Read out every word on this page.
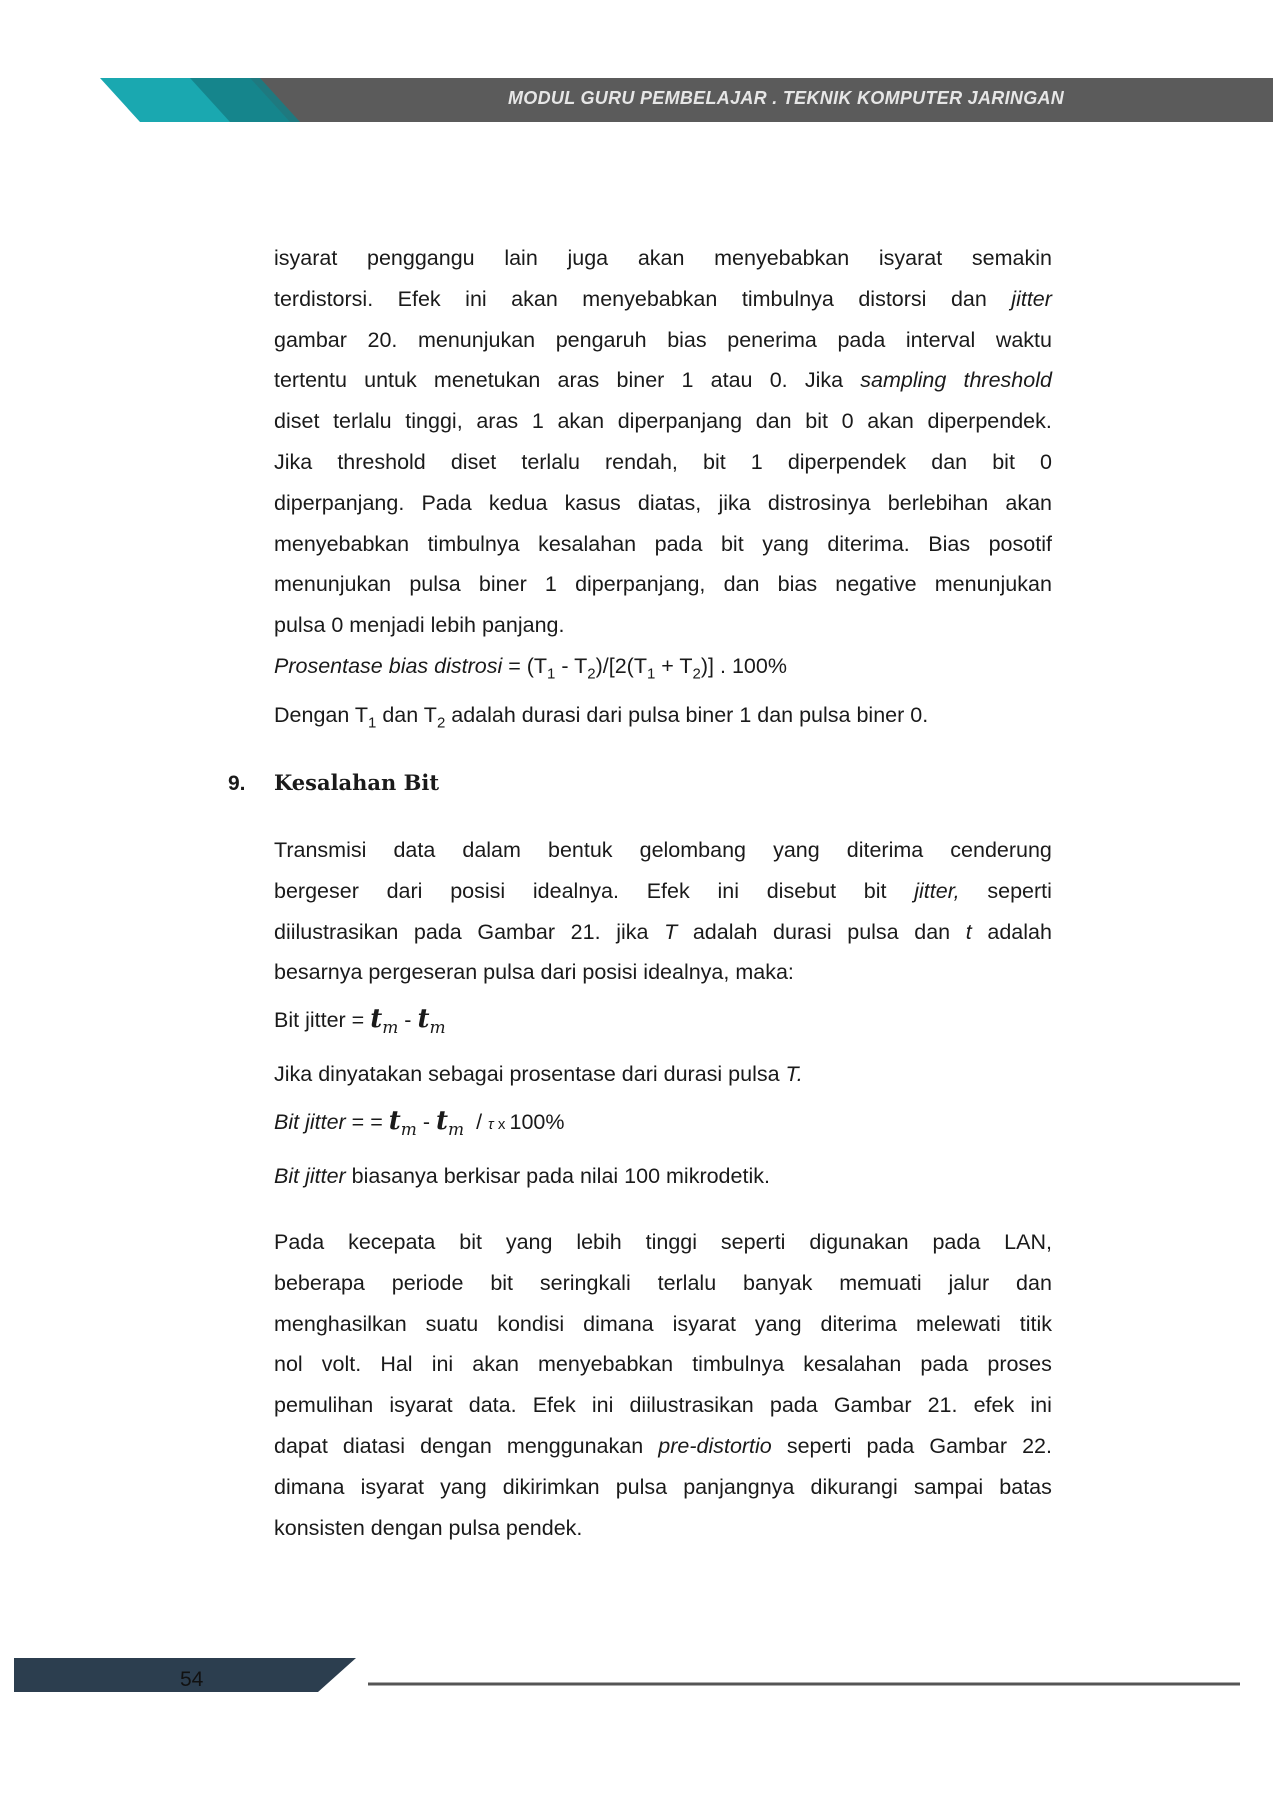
MODUL GURU PEMBELAJAR . TEKNIK KOMPUTER JARINGAN
isyarat penggangu lain juga akan menyebabkan isyarat semakin
terdistorsi. Efek ini akan menyebabkan timbulnya distorsi dan jitter
gambar 20. menunjukan pengaruh bias penerima pada interval waktu
tertentu untuk menetukan aras biner 1 atau 0. Jika sampling threshold
diset terlalu tinggi, aras 1 akan diperpanjang dan bit 0 akan diperpendek.
Jika threshold diset terlalu rendah, bit 1 diperpendek dan bit 0
diperpanjang. Pada kedua kasus diatas, jika distrosinya berlebihan akan
menyebabkan timbulnya kesalahan pada bit yang diterima. Bias posotif
menunjukan pulsa biner 1 diperpanjang, dan bias negative menunjukan
pulsa 0 menjadi lebih panjang.
Prosentase bias distrosi = $(T_1 - T_2)/[2(T_1 + T_2)]$ . 100%
Dengan $T_1$ dan $T_2$ adalah durasi dari pulsa biner 1 dan pulsa biner 0.
9. Kesalahan Bit
Transmisi data dalam bentuk gelombang yang diterima cenderung
bergeser dari posisi idealnya. Efek ini disebut bit jitter, seperti
diilustrasikan pada Gambar 21. jika T adalah durasi pulsa dan t adalah
besarnya pergeseran pulsa dari posisi idealnya, maka:
Bit jitter = $t_m - t_m$
Jika dinyatakan sebagai prosentase dari durasi pulsa T.
Bit jitter = = $t_m - t_m$ / τ x 100%
Bit jitter biasanya berkisar pada nilai 100 mikrodetik.
Pada kecepata bit yang lebih tinggi seperti digunakan pada LAN,
beberapa periode bit seringkali terlalu banyak memuati jalur dan
menghasilkan suatu kondisi dimana isyarat yang diterima melewati titik
nol volt. Hal ini akan menyebabkan timbulnya kesalahan pada proses
pemulihan isyarat data. Efek ini diilustrasikan pada Gambar 21. efek ini
dapat diatasi dengan menggunakan pre-distortio seperti pada Gambar 22.
dimana isyarat yang dikirimkan pulsa panjangnya dikurangi sampai batas
konsisten dengan pulsa pendek.
54
